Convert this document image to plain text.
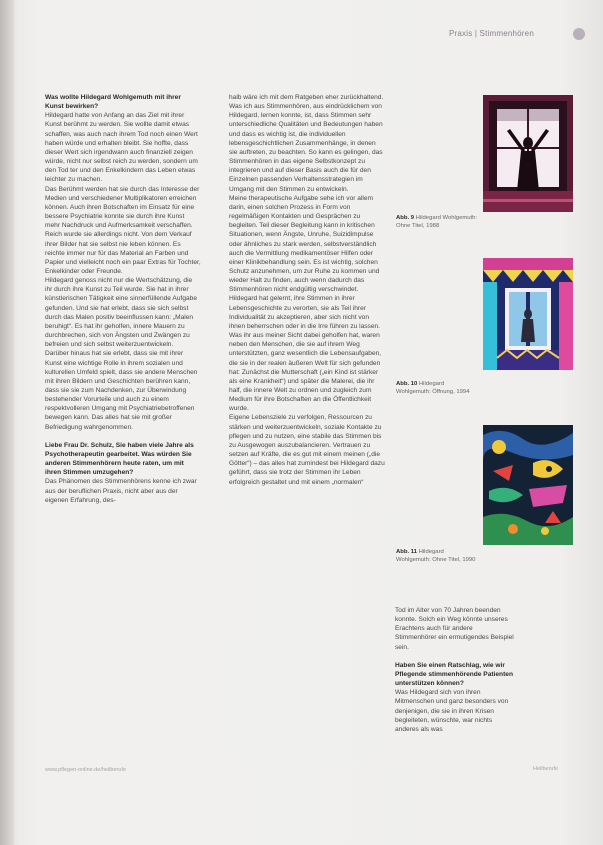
Praxis | Stimmenhören

Was wollte Hildegard Wohlgemuth mit ihrer Kunst bewirken?

Hildegard hatte von Anfang an das Ziel mit ihrer Kunst berühmt zu werden. Sie wollte damit etwas schaffen, was auch nach ihrem Tod noch einen Wert haben würde und erhalten bleibt. Sie hoffte, dass dieser Wert sich irgendwann auch finanziell zeigen würde, nicht nur selbst reich zu werden, sondern um den Tod ter und den Enkelkindern das Leben etwas leichter zu machen.

Das Berühmt werden hat sie durch das Interesse der Medien und verschiedener Multiplikatoren erreichen können. Auch ihren Botschaften im Einsatz für eine bessere Psychiatrie konnte sie durch ihre Kunst mehr Nachdruck und Aufmerksamkeit verschaffen. Reich wurde sie allerdings nicht. Von dem Verkauf ihrer Bilder hat sie selbst nie leben können. Es reichte immer nur für das Material an Farben und Papier und vielleicht noch ein paar Extras für Tochter, Enkelkinder oder Freunde.

Hildegard genoss nicht nur die Wertschätzung, die ihr durch ihre Kunst zu Teil wurde. Sie hat in ihrer künstlerischen Tätigkeit eine sinnerfüllende Aufgabe gefunden. Und sie hat erlebt, dass sie sich selbst durch das Malen positiv beeinflussen kann: „Malen beruhigt“. Es hat ihr geholfen, innere Mauern zu durchbrechen, sich von Ängsten und Zwängen zu befreien und sich selbst weiterzuentwickeln.

Darüber hinaus hat sie erlebt, dass sie mit ihrer Kunst eine wichtige Rolle in ihrem sozialen und kulturellen Umfeld spielt, dass sie andere Menschen mit ihren Bildern und Geschichten berühren kann, dass sie sie zum Nachdenken, zur Überwindung bestehender Vorurteile und auch zu einem respektvolleren Umgang mit Psychiatriebetroffenen bewegen kann. Das alles hat sie mit großer Befriedigung wahrgenommen.

Liebe Frau Dr. Schulz, Sie haben viele Jahre als Psychotherapeutin gearbeitet. Was würden Sie anderen Stimmenhörern heute raten, um mit ihren Stimmen umzugehen?

Das Phänomen des Stimmenhörens kenne ich zwar aus der beruflichen Praxis, nicht aber aus der eigenen Erfahrung, des-

halb wäre ich mit dem Ratgeben eher zurückhaltend.

Was ich aus Stimmenhören, aus eindrücklichem von Hildegard, lernen konnte, ist, dass Stimmen sehr unterschiedliche Qualitäten und Bedeutungen haben und dass es wichtig ist, die individuellen lebensgeschichtlichen Zusammenhänge, in denen sie auftreten, zu beachten. So kann es gelingen, das Stimmenhören in das eigene Selbstkonzept zu integrieren und auf dieser Basis auch die für den Einzelnen passenden Verhaltensstrategien im Umgang mit den Stimmen zu entwickeln.

Meine therapeutische Aufgabe sehe ich vor allem darin, einen solchen Prozess in Form von regelmäßigen Kontakten und Gesprächen zu begleiten. Teil dieser Begleitung kann in kritischen Situationen, wenn Ängste, Unruhe, Suizidimpulse oder ähnliches zu stark werden, selbstverständlich auch die Vermittlung medikamentöser Hilfen oder einer Klinikbehandlung sein. Es ist wichtig, solchen Schutz anzunehmen, um zur Ruhe zu kommen und wieder Halt zu finden, auch wenn dadurch das Stimmenhören nicht endgültig verschwindet.

Hildegard hat gelernt, ihre Stimmen in ihrer Lebensgeschichte zu verorten, sie als Teil ihrer Individualität zu akzeptieren, aber sich nicht von ihnen beherrschen oder in die Irre führen zu lassen. Was ihr aus meiner Sicht dabei geholfen hat, waren neben den Menschen, die sie auf ihrem Weg unterstützten, ganz wesentlich die Lebensaufgaben, die sie in der realen äußeren Welt für sich gefunden hat: Zunächst die Mutterschaft („ein Kind ist stärker als eine Krankheit“) und später die Malerei, die ihr half, die innere Welt zu ordnen und zugleich zum Medium für ihre Botschaften an die Öffentlichkeit wurde.

Eigene Lebensziele zu verfolgen, Ressourcen zu stärken und weiterzuentwickeln, soziale Kontakte zu pflegen und zu nutzen, eine stabile das Stimmen bis zu Ausgewogen auszubalancieren. Vertrauen zu setzen auf Kräfte, die es gut mit einem meinen („die Götter“) – das alles hat zumindest bei Hildegard dazu geführt, dass sie trotz der Stimmen ihr Leben erfolgreich gestaltet und mit einem „normalen“

Abb. 9 Hildegard Wohlgemuth: Ohne Titel, 1988
Abb. 10 Hildegard Wohlgemuth: Öffnung, 1994
Abb. 11 Hildegard Wohlgemuth: Ohne Titel, 1990

Tod im Alter von 70 Jahren beenden konnte. Solch ein Weg könnte unseres Erachtens auch für andere Stimmenhörer ein ermutigendes Beispiel sein.

Haben Sie einen Ratschlag, wie wir Pflegende stimmenhörende Patienten unterstützen können?

Was Hildegard sich von ihren Mitmenschen und ganz besonders von denjenigen, die sie in ihren Krisen begleiteten, wünschte, war nichts anderes als was

www.pflegen-online.de/heilberufe	Heilberufe
